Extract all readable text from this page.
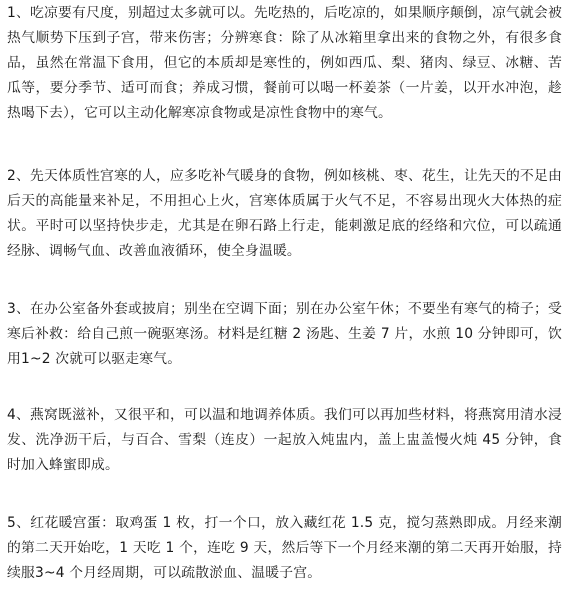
1、吃凉要有尺度，别超过太多就可以。先吃热的，后吃凉的，如果顺序颠倒，凉气就会被热气顺势下压到子宫，带来伤害；分辨寒食：除了从冰箱里拿出来的食物之外，有很多食品，虽然在常温下食用，但它的本质却是寒性的，例如西瓜、梨、猪肉、绿豆、冰糖、苦瓜等，要分季节、适可而食；养成习惯，餐前可以喝一杯姜茶（一片姜，以开水冲泡，趁热喝下去），它可以主动化解寒凉食物或是凉性食物中的寒气。

2、先天体质性宫寒的人，应多吃补气暖身的食物，例如核桃、枣、花生，让先天的不足由后天的高能量来补足，不用担心上火，宫寒体质属于火气不足，不容易出现火大体热的症状。平时可以坚持快步走，尤其是在卵石路上行走，能刺激足底的经络和穴位，可以疏通经脉、调畅气血、改善血液循环，使全身温暖。

3、在办公室备外套或披肩；别坐在空调下面；别在办公室午休；不要坐有寒气的椅子；受寒后补救：给自己煎一碗驱寒汤。材料是红糖 2 汤匙、生姜 7 片，水煎 10 分钟即可，饮用1~2 次就可以驱走寒气。

4、燕窝既滋补，又很平和，可以温和地调养体质。我们可以再加些材料，将燕窝用清水浸发、洗净沥干后，与百合、雪梨（连皮）一起放入炖盅内，盖上盅盖慢火炖 45 分钟，食时加入蜂蜜即成。

5、红花暖宫蛋：取鸡蛋 1 枚，打一个口，放入藏红花 1.5 克，搅匀蒸熟即成。月经来潮的第二天开始吃，1 天吃 1 个，连吃 9 天，然后等下一个月经来潮的第二天再开始服，持续服3~4 个月经周期，可以疏散淤血、温暖子宫。
